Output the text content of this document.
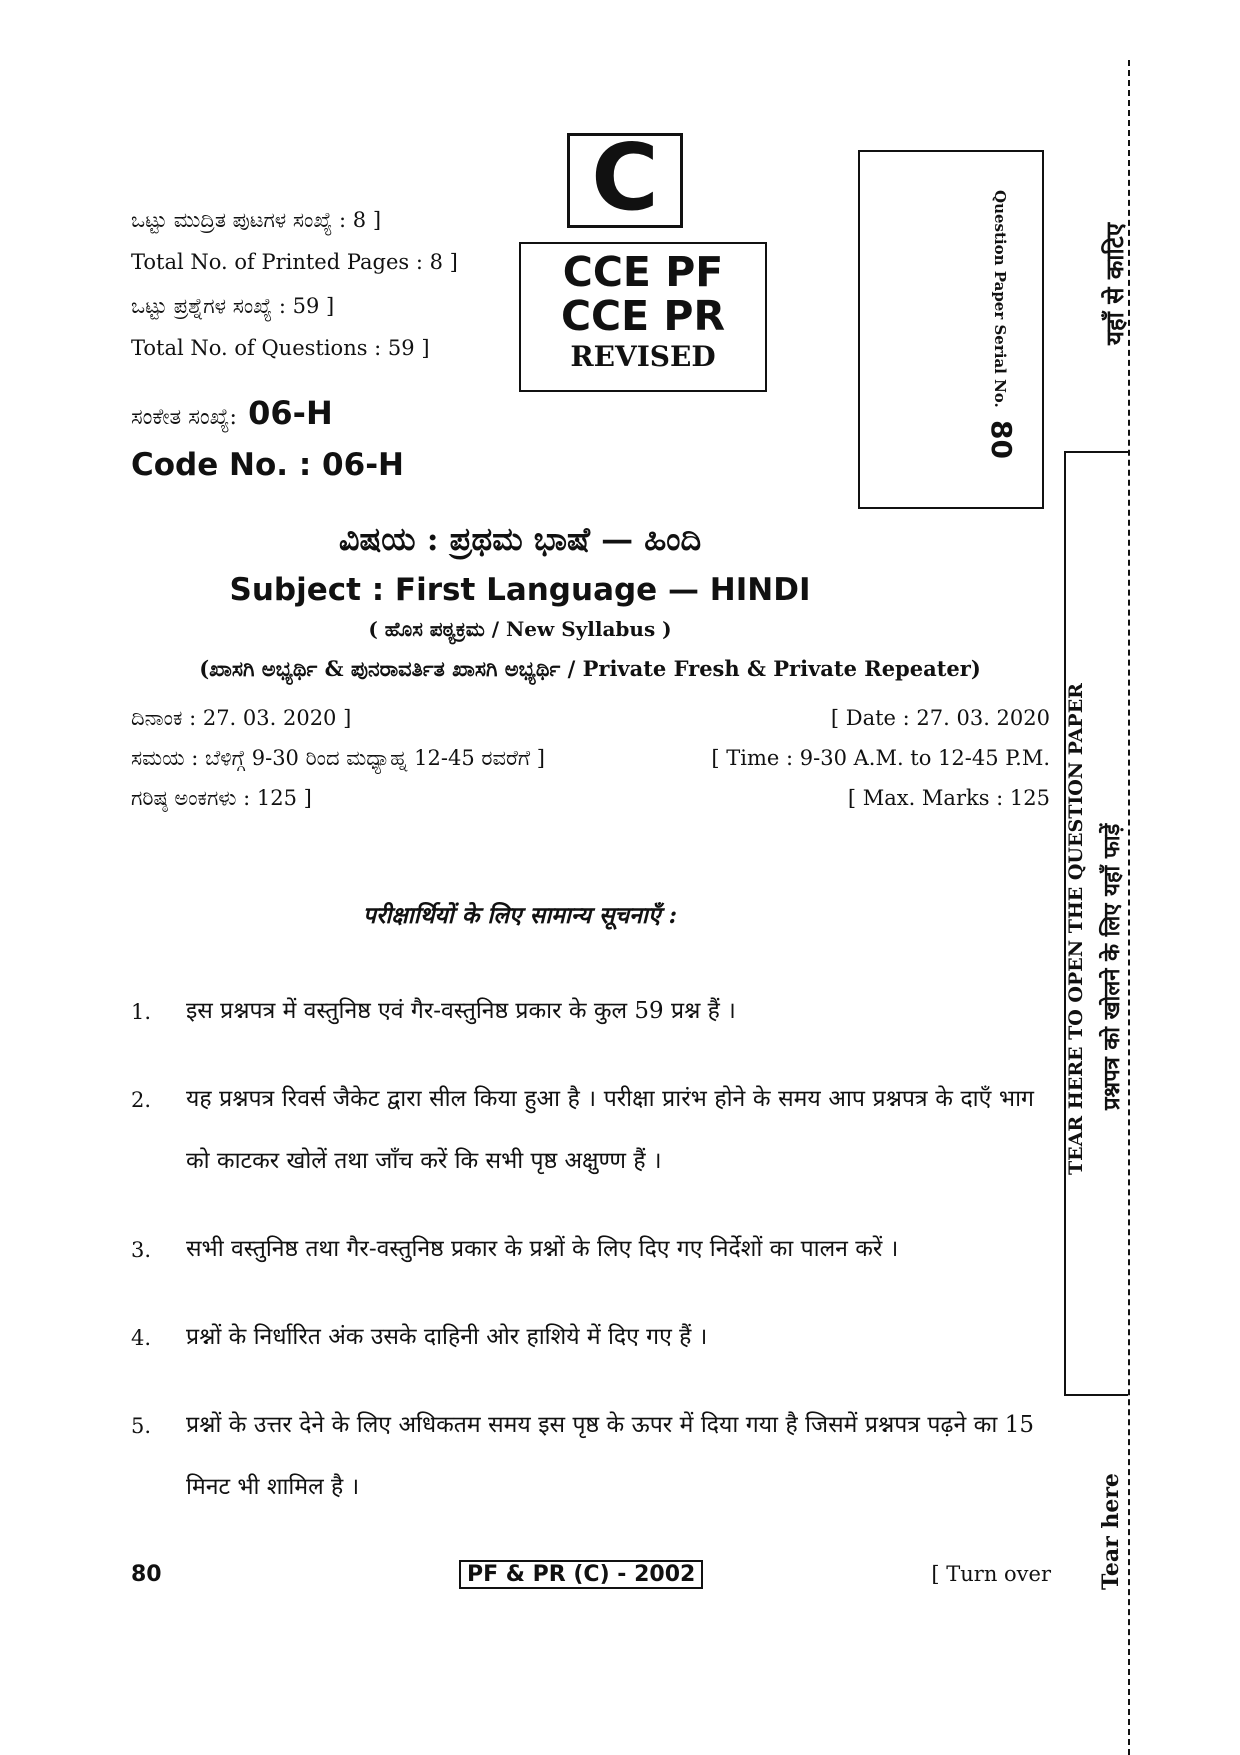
ಒಟ್ಟು ಮುದ್ರಿತ ಪುಟಗಳ ಸಂಖ್ಯೆ : 8 ]
Total No. of Printed Pages : 8 ]
ಒಟ್ಟು ಪ್ರಶ್ನೆಗಳ ಸಂಖ್ಯೆ : 59 ]
Total No. of Questions : 59 ]
ಸಂಕೇತ ಸಂಖ್ಯೆ: 06-H
Code No. : 06-H
C
CCE PF
CCE PR
REVISED	Question Paper Serial No.
80
ವಿಷಯ : ಪ್ರಥಮ ಭಾಷೆ — ಹಿಂದಿ
Subject : First Language — HINDI
( ಹೊಸ ಪಠ್ಯಕ್ರಮ / New Syllabus )
(ಖಾಸಗಿ ಅಭ್ಯರ್ಥಿ & ಪುನರಾವರ್ತಿತ ಖಾಸಗಿ ಅಭ್ಯರ್ಥಿ / Private Fresh & Private Repeater)
ದಿನಾಂಕ : 27. 03. 2020 ]	[ Date : 27. 03. 2020
ಸಮಯ : ಬೆಳಿಗ್ಗೆ 9-30 ರಿಂದ ಮಧ್ಯಾಹ್ನ 12-45 ರವರೆಗೆ ]	[ Time : 9-30 A.M. to 12-45 P.M.
ಗರಿಷ್ಠ ಅಂಕಗಳು : 125 ]	[ Max. Marks : 125
परीक्षार्थियों के लिए सामान्य सूचनाएँ :
1. इस प्रश्नपत्र में वस्तुनिष्ठ एवं गैर-वस्तुनिष्ठ प्रकार के कुल 59 प्रश्न हैं ।
2. यह प्रश्नपत्र रिवर्स जैकेट द्वारा सील किया हुआ है । परीक्षा प्रारंभ होने के समय आप प्रश्नपत्र के दाएँ भाग को काटकर खोलें तथा जाँच करें कि सभी पृष्ठ अक्षुण्ण हैं ।
3. सभी वस्तुनिष्ठ तथा गैर-वस्तुनिष्ठ प्रकार के प्रश्नों के लिए दिए गए निर्देशों का पालन करें ।
4. प्रश्नों के निर्धारित अंक उसके दाहिनी ओर हाशिये में दिए गए हैं ।
5. प्रश्नों के उत्तर देने के लिए अधिकतम समय इस पृष्ठ के ऊपर में दिया गया है जिसमें प्रश्नपत्र पढ़ने का 15 मिनट भी शामिल है ।
80	PF & PR (C) - 2002	[ Turn over
यहाँ से काटिए
TEAR HERE TO OPEN THE QUESTION PAPER प्रश्नपत्र को खोलने के लिए यहाँ फाड़ें
Tear here
